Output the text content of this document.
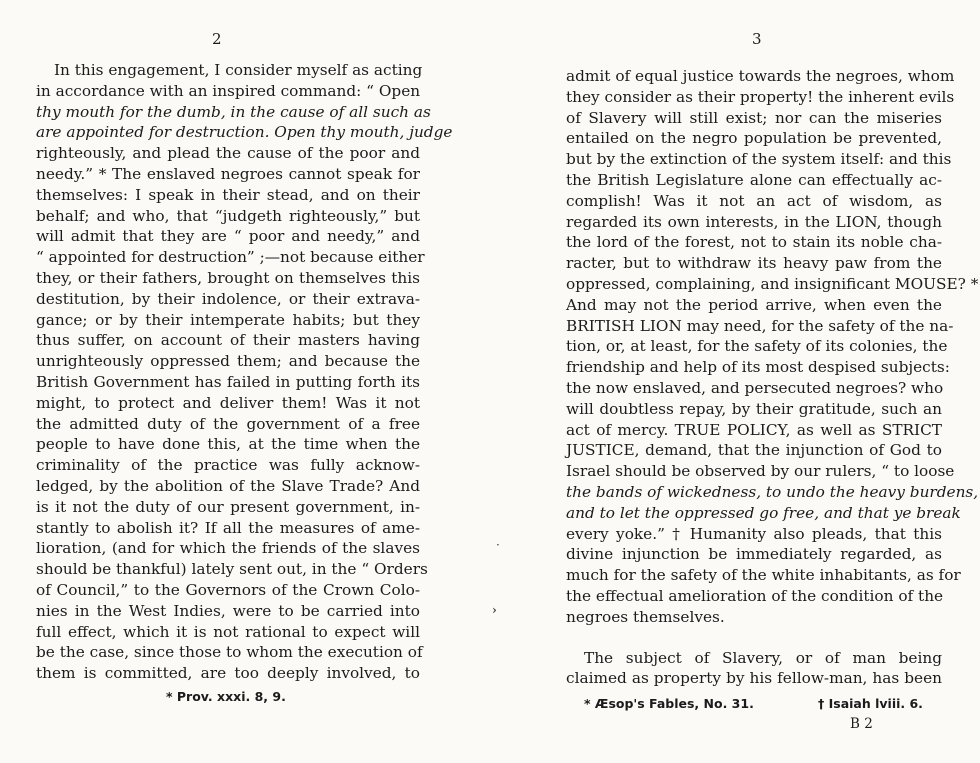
2
In this engagement, I consider myself as acting
in accordance with an inspired command: “ Open
thy mouth for the dumb, in the cause of all such as
are appointed for destruction. Open thy mouth, judge
righteously, and plead the cause of the poor and
needy.” * The enslaved negroes cannot speak for
themselves: I speak in their stead, and on their
behalf; and who, that “judgeth righteously,” but
will admit that they are “ poor and needy,” and
“ appointed for destruction” ;—not because either
they, or their fathers, brought on themselves this
destitution, by their indolence, or their extrava-
gance; or by their intemperate habits; but they
thus suffer, on account of their masters having
unrighteously oppressed them; and because the
British Government has failed in putting forth its
might, to protect and deliver them! Was it not
the admitted duty of the government of a free
people to have done this, at the time when the
criminality of the practice was fully acknow-
ledged, by the abolition of the Slave Trade? And
is it not the duty of our present government, in-
stantly to abolish it? If all the measures of ame-
lioration, (and for which the friends of the slaves
should be thankful) lately sent out, in the “ Orders
of Council,” to the Governors of the Crown Colo-
nies in the West Indies, were to be carried into
full effect, which it is not rational to expect will
be the case, since those to whom the execution of
them is committed, are too deeply involved, to
* Prov. xxxi. 8, 9.
3
admit of equal justice towards the negroes, whom
they consider as their property! the inherent evils
of Slavery will still exist; nor can the miseries
entailed on the negro population be prevented,
but by the extinction of the system itself: and this
the British Legislature alone can effectually ac-
complish! Was it not an act of wisdom, as
regarded its own interests, in the LION, though
the lord of the forest, not to stain its noble cha-
racter, but to withdraw its heavy paw from the
oppressed, complaining, and insignificant MOUSE? *
And may not the period arrive, when even the
BRITISH LION may need, for the safety of the na-
tion, or, at least, for the safety of its colonies, the
friendship and help of its most despised subjects:
the now enslaved, and persecuted negroes? who
will doubtless repay, by their gratitude, such an
act of mercy. TRUE POLICY, as well as STRICT
JUSTICE, demand, that the injunction of God to
Israel should be observed by our rulers, “ to loose
the bands of wickedness, to undo the heavy burdens,
and to let the oppressed go free, and that ye break
every yoke.” † Humanity also pleads, that this
divine injunction be immediately regarded, as
much for the safety of the white inhabitants, as for
the effectual amelioration of the condition of the
negroes themselves.
The subject of Slavery, or of man being
claimed as property by his fellow-man, has been
* Æsop's Fables, No. 31.	† Isaiah lviii. 6.
B 2
·
›
